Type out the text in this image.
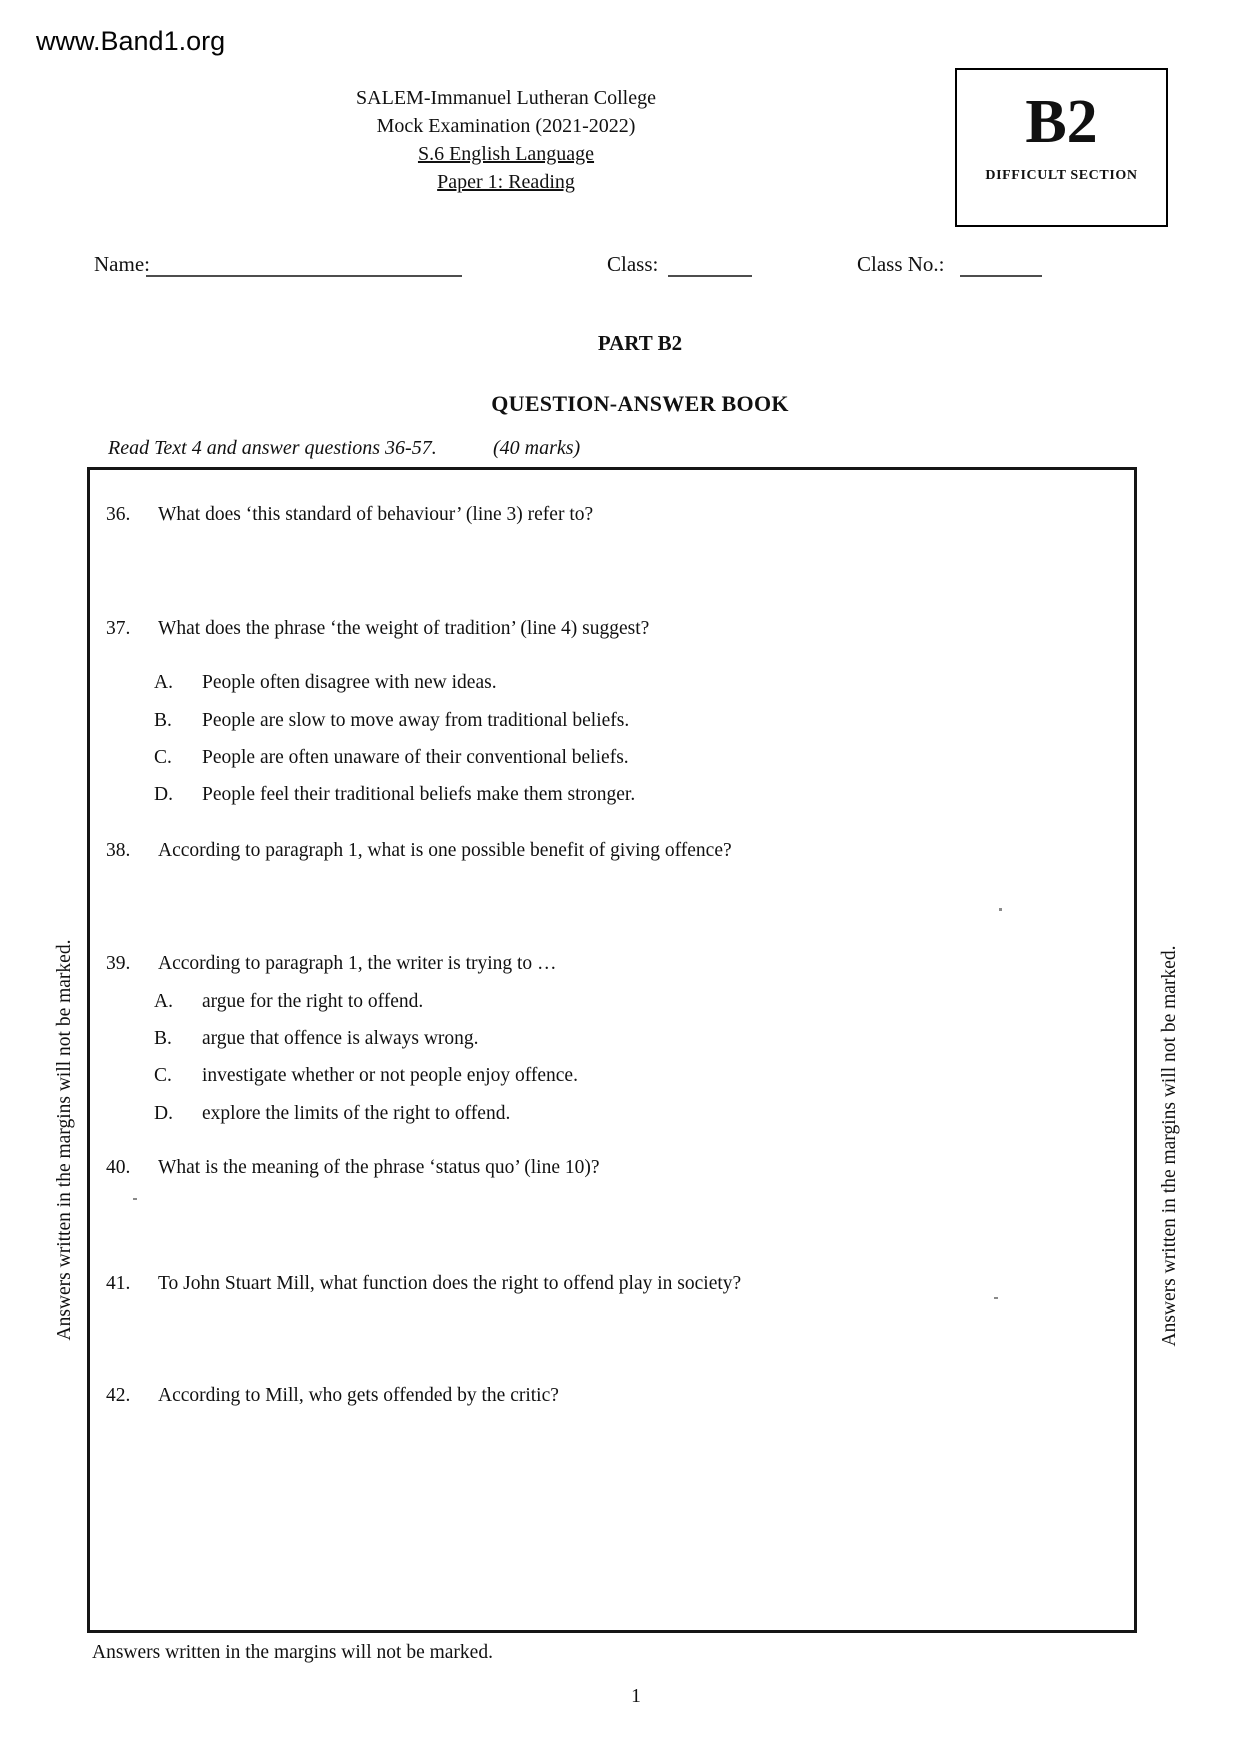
www.Band1.org
SALEM-Immanuel Lutheran College
Mock Examination (2021-2022)
S.6 English Language
Paper 1: Reading
B2
DIFFICULT SECTION
Name:	Class:	Class No.:
PART B2
QUESTION-ANSWER BOOK
Read Text 4 and answer questions 36-57.	(40 marks)
36. What does ‘this standard of behaviour’ (line 3) refer to?
37. What does the phrase ‘the weight of tradition’ (line 4) suggest?
A. People often disagree with new ideas.
B. People are slow to move away from traditional beliefs.
C. People are often unaware of their conventional beliefs.
D. People feel their traditional beliefs make them stronger.
38. According to paragraph 1, what is one possible benefit of giving offence?
39. According to paragraph 1, the writer is trying to …
A. argue for the right to offend.
B. argue that offence is always wrong.
C. investigate whether or not people enjoy offence.
D. explore the limits of the right to offend.
40. What is the meaning of the phrase ‘status quo’ (line 10)?
41. To John Stuart Mill, what function does the right to offend play in society?
42. According to Mill, who gets offended by the critic?
Answers written in the margins will not be marked.	Answers written in the margins will not be marked.
Answers written in the margins will not be marked.
1
